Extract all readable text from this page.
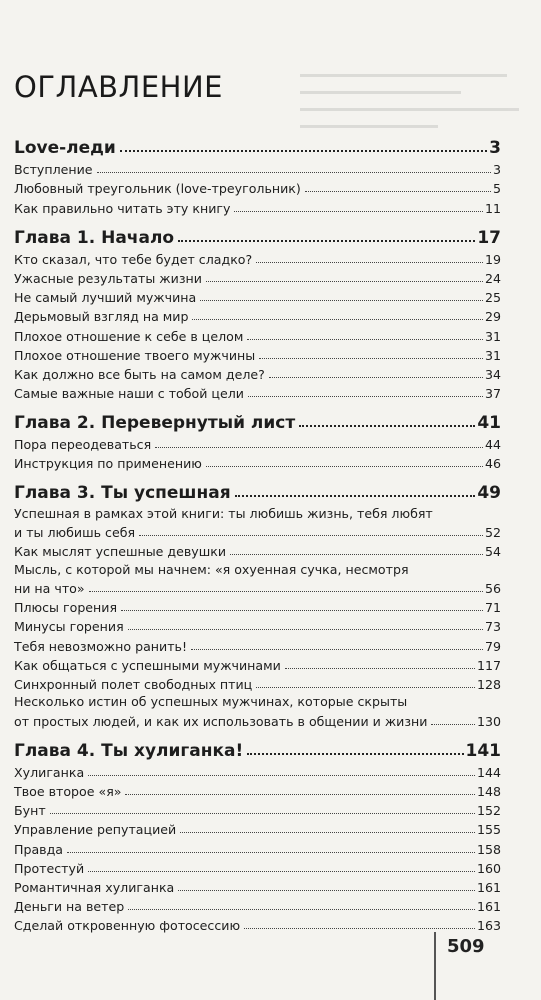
ОГЛАВЛЕНИЕ
Love-леди	3
Вступление	3
Любовный треугольник (love-треугольник)	5
Как правильно читать эту книгу	11
Глава 1. Начало	17
Кто сказал, что тебе будет сладко?	19
Ужасные результаты жизни	24
Не самый лучший мужчина	25
Дерьмовый взгляд на мир	29
Плохое отношение к себе в целом	31
Плохое отношение твоего мужчины	31
Как должно все быть на самом деле?	34
Самые важные наши с тобой цели	37
Глава 2. Перевернутый лист	41
Пора переодеваться	44
Инструкция по применению	46
Глава 3. Ты успешная	49
Успешная в рамках этой книги: ты любишь жизнь, тебя любят
и ты любишь себя	52
Как мыслят успешные девушки	54
Мысль, с которой мы начнем: «я охуенная сучка, несмотря
ни на что»	56
Плюсы горения	71
Минусы горения	73
Тебя невозможно ранить!	79
Как общаться с успешными мужчинами	117
Синхронный полет свободных птиц	128
Несколько истин об успешных мужчинах, которые скрыты
от простых людей, и как их использовать в общении и жизни	130
Глава 4. Ты хулиганка!	141
Хулиганка	144
Твое второе «я»	148
Бунт	152
Управление репутацией	155
Правда	158
Протестуй	160
Романтичная хулиганка	161
Деньги на ветер	161
Сделай откровенную фотосессию	163
509
